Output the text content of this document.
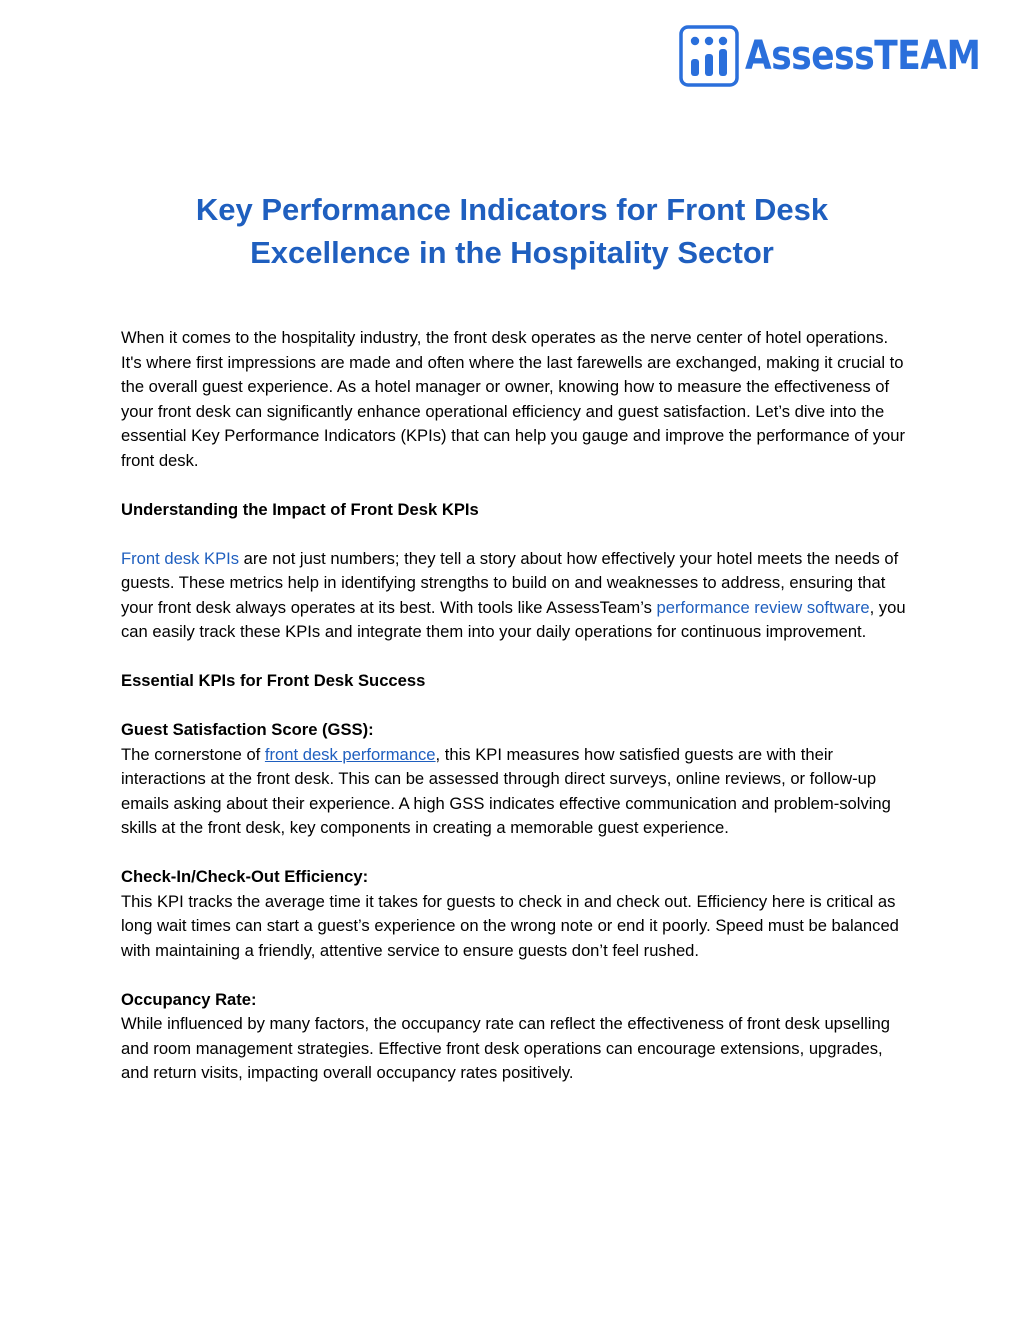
AssessTEAM
Key Performance Indicators for Front Desk
Excellence in the Hospitality Sector

When it comes to the hospitality industry, the front desk operates as the nerve center of hotel operations. It's where first impressions are made and often where the last farewells are exchanged, making it crucial to the overall guest experience. As a hotel manager or owner, knowing how to measure the effectiveness of your front desk can significantly enhance operational efficiency and guest satisfaction. Let’s dive into the essential Key Performance Indicators (KPIs) that can help you gauge and improve the performance of your front desk.

Understanding the Impact of Front Desk KPIs

Front desk KPIs are not just numbers; they tell a story about how effectively your hotel meets the needs of guests. These metrics help in identifying strengths to build on and weaknesses to address, ensuring that your front desk always operates at its best. With tools like AssessTeam’s performance review software, you can easily track these KPIs and integrate them into your daily operations for continuous improvement.

Essential KPIs for Front Desk Success

Guest Satisfaction Score (GSS):
The cornerstone of front desk performance, this KPI measures how satisfied guests are with their interactions at the front desk. This can be assessed through direct surveys, online reviews, or follow-up emails asking about their experience. A high GSS indicates effective communication and problem-solving skills at the front desk, key components in creating a memorable guest experience.

Check-In/Check-Out Efficiency:
This KPI tracks the average time it takes for guests to check in and check out. Efficiency here is critical as long wait times can start a guest’s experience on the wrong note or end it poorly. Speed must be balanced with maintaining a friendly, attentive service to ensure guests don’t feel rushed.

Occupancy Rate:
While influenced by many factors, the occupancy rate can reflect the effectiveness of front desk upselling and room management strategies. Effective front desk operations can encourage extensions, upgrades, and return visits, impacting overall occupancy rates positively.
